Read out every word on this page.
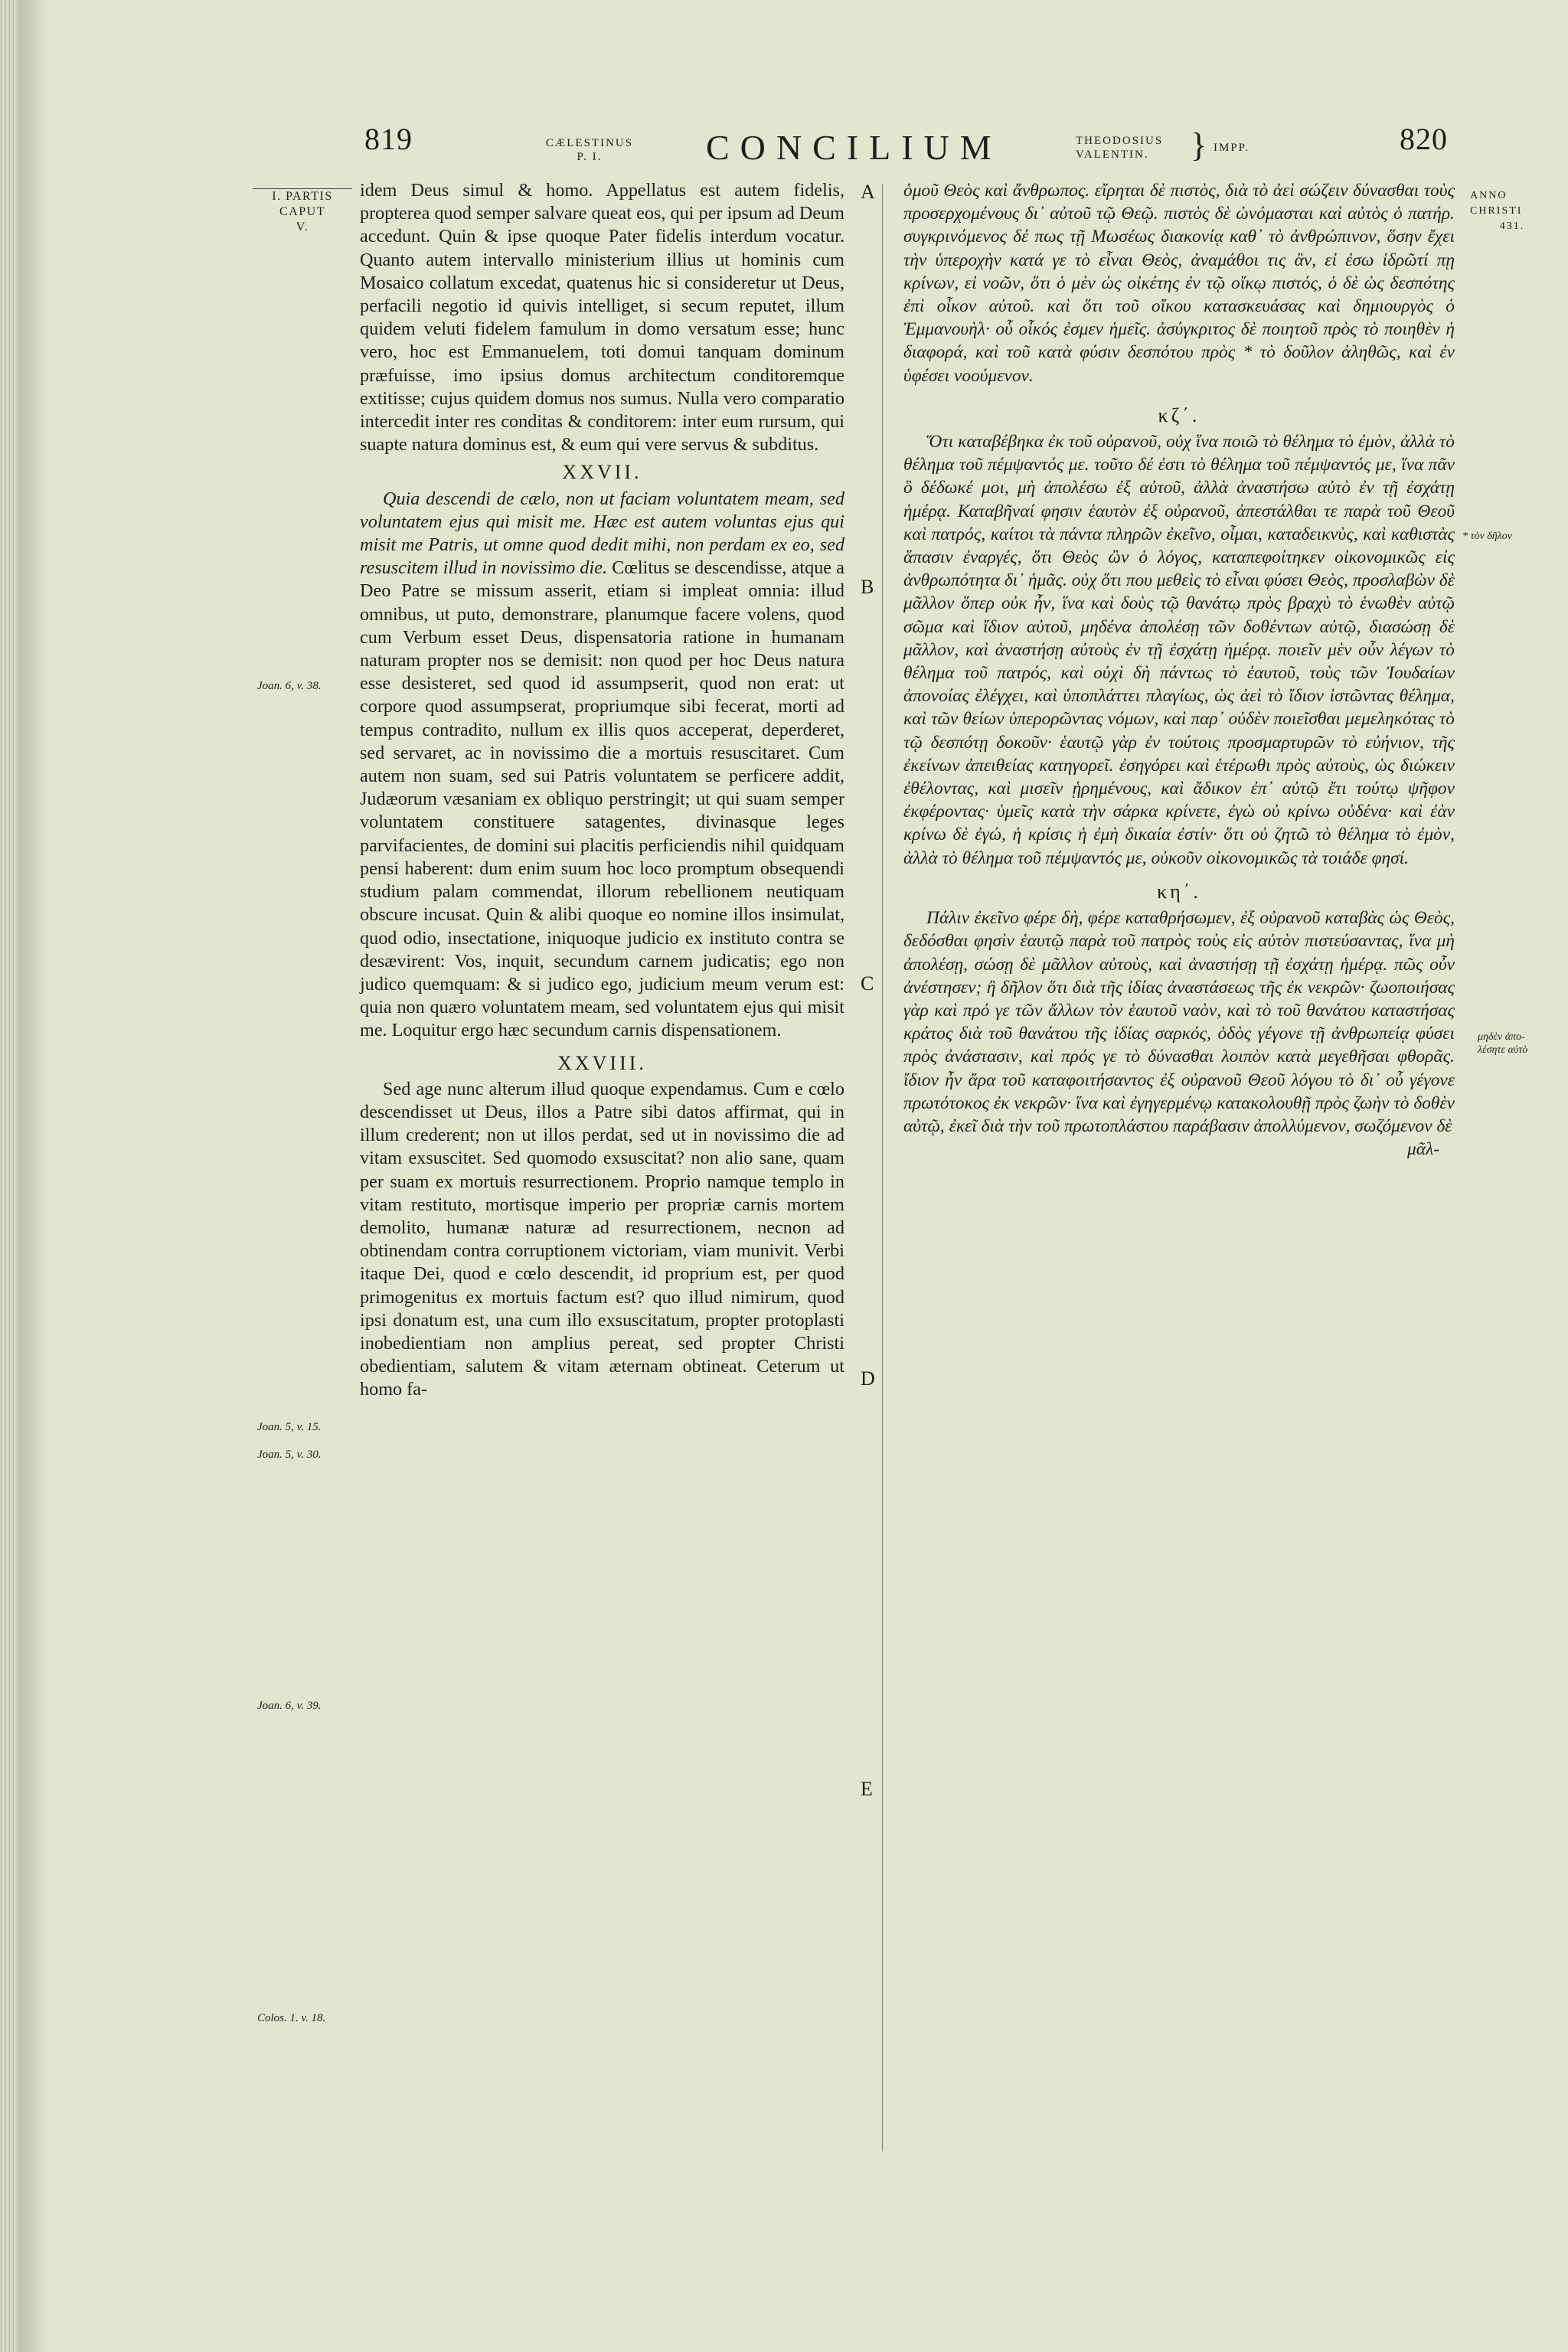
819	CÆLESTINUS
P. I.	CONCILIUM	THEODOSIUS
VALENTIN.	} IMPP.	820
I. PARTIS
CAPUT
V.
Joan. 6, v. 38.
Joan. 5, v. 15.
Joan. 5, v. 30.
Joan. 6, v. 39.
Colos. 1. v. 18.
A
B
C
D
E

idem Deus simul & homo. Appellatus est autem fidelis, propterea quod semper salvare queat eos, qui per ipsum ad Deum accedunt. Quin & ipse quoque Pater fidelis interdum vocatur. Quanto autem intervallo ministerium illius ut hominis cum Mosaico collatum excedat, quatenus hic si consideretur ut Deus, perfacili negotio id quivis intelliget, si secum reputet, illum quidem veluti fidelem famulum in domo versatum esse; hunc vero, hoc est Emmanuelem, toti domui tanquam dominum præfuisse, imo ipsius domus architectum conditoremque extitisse; cujus quidem domus nos sumus. Nulla vero comparatio intercedit inter res conditas & conditorem: inter eum rursum, qui suapte natura dominus est, & eum qui vere servus & subditus.

XXVII.

Quia descendi de cælo, non ut faciam voluntatem meam, sed voluntatem ejus qui misit me. Hæc est autem voluntas ejus qui misit me Patris, ut omne quod dedit mihi, non perdam ex eo, sed resuscitem illud in novissimo die. Cœlitus se descendisse, atque a Deo Patre se missum asserit, etiam si impleat omnia: illud omnibus, ut puto, demonstrare, planumque facere volens, quod cum Verbum esset Deus, dispensatoria ratione in humanam naturam propter nos se demisit: non quod per hoc Deus natura esse desisteret, sed quod id assumpserit, quod non erat: ut corpore quod assumpserat, propriumque sibi fecerat, morti ad tempus contradito, nullum ex illis quos acceperat, deperderet, sed servaret, ac in novissimo die a mortuis resuscitaret. Cum autem non suam, sed sui Patris voluntatem se perficere addit, Judæorum væsaniam ex obliquo perstringit; ut qui suam semper voluntatem constituere satagentes, divinasque leges parvifacientes, de domini sui placitis perficiendis nihil quidquam pensi haberent: dum enim suum hoc loco promptum obsequendi studium palam commendat, illorum rebellionem neutiquam obscure incusat. Quin & alibi quoque eo nomine illos insimulat, quod odio, insectatione, iniquoque judicio ex instituto contra se desævirent: Vos, inquit, secundum carnem judicatis; ego non judico quemquam: & si judico ego, judicium meum verum est: quia non quæro voluntatem meam, sed voluntatem ejus qui misit me. Loquitur ergo hæc secundum carnis dispensationem.

XXVIII.

Sed age nunc alterum illud quoque expendamus. Cum e cœlo descendisset ut Deus, illos a Patre sibi datos affirmat, qui in illum crederent; non ut illos perdat, sed ut in novissimo die ad vitam exsuscitet. Sed quomodo exsuscitat? non alio sane, quam per suam ex mortuis resurrectionem. Proprio namque templo in vitam restituto, mortisque imperio per propriæ carnis mortem demolito, humanæ naturæ ad resurrectionem, necnon ad obtinendam contra corruptionem victoriam, viam munivit. Verbi itaque Dei, quod e cœlo descendit, id proprium est, per quod primogenitus ex mortuis factum est? quo illud nimirum, quod ipsi donatum est, una cum illo exsuscitatum, propter protoplasti inobedientiam non amplius pereat, sed propter Christi obedientiam, salutem & vitam æternam obtineat. Ceterum ut homo fa-

ὁμοῦ Θεὸς καὶ ἄνθρωπος. εἴρηται δὲ πιστὸς, διὰ τὸ ἀεὶ σώζειν δύνασθαι τοὺς προσερχομένους δι᾽ αὐτοῦ τῷ Θεῷ. πιστὸς δὲ ὠνόμασται καὶ αὐτὸς ὁ πατήρ. συγκρινόμενος δέ πως τῇ Μωσέως διακονίᾳ καθ᾽ τὸ ἀνθρώπινον, ὅσην ἔχει τὴν ὑπεροχὴν κατά γε τὸ εἶναι Θεὸς, ἀναμάθοι τις ἂν, εἰ ἐσω ἱδρῶτί πῃ κρίνων, εἰ νοῶν, ὅτι ὁ μὲν ὡς οἰκέτης ἐν τῷ οἴκῳ πιστός, ὁ δὲ ὡς δεσπότης ἐπὶ οἶκον αὐτοῦ. καὶ ὅτι τοῦ οἴκου κατασκευάσας καὶ δημιουργὸς ὁ Ἐμμανουὴλ· οὗ οἶκός ἐσμεν ἡμεῖς. ἀσύγκριτος δὲ ποιητοῦ πρὸς τὸ ποιηθὲν ἡ διαφορά, καὶ τοῦ κατὰ φύσιν δεσπότου πρὸς * τὸ δοῦλον ἀληθῶς, καὶ ἐν ὑφέσει νοούμενον.

κζ΄.

Ὅτι καταβέβηκα ἐκ τοῦ οὐρανοῦ, οὐχ ἵνα ποιῶ τὸ θέλημα τὸ ἐμὸν, ἀλλὰ τὸ θέλημα τοῦ πέμψαντός με. τοῦτο δέ ἐστι τὸ θέλημα τοῦ πέμψαντός με, ἵνα πᾶν ὃ δέδωκέ μοι, μὴ ἀπολέσω ἐξ αὐτοῦ, ἀλλὰ ἀναστήσω αὐτὸ ἐν τῇ ἐσχάτῃ ἡμέρᾳ. Καταβῆναί φησιν ἑαυτὸν ἐξ οὐρανοῦ, ἀπεστάλθαι τε παρὰ τοῦ Θεοῦ καὶ πατρός, καίτοι τὰ πάντα πληρῶν ἐκεῖνο, οἶμαι, καταδεικνὺς, καὶ καθιστὰς ἅπασιν ἐναργές, ὅτι Θεὸς ὢν ὁ λόγος, καταπεφοίτηκεν οἰκονομικῶς εἰς ἀνθρωπότητα δι᾽ ἡμᾶς. οὐχ ὅτι που μεθεὶς τὸ εἶναι φύσει Θεὸς, προσλαβὼν δὲ μᾶλλον ὅπερ οὐκ ἦν, ἵνα καὶ δοὺς τῷ θανάτῳ πρὸς βραχὺ τὸ ἑνωθὲν αὐτῷ σῶμα καὶ ἴδιον αὐτοῦ, μηδένα ἀπολέσῃ τῶν δοθέντων αὐτῷ, διασώσῃ δὲ μᾶλλον, καὶ ἀναστήσῃ αὐτοὺς ἐν τῇ ἐσχάτῃ ἡμέρᾳ. ποιεῖν μὲν οὖν λέγων τὸ θέλημα τοῦ πατρός, καὶ οὐχὶ δὴ πάντως τὸ ἑαυτοῦ, τοὺς τῶν Ἰουδαίων ἀπονοίας ἐλέγχει, καὶ ὑποπλάττει πλαγίως, ὡς ἀεὶ τὸ ἴδιον ἱστῶντας θέλημα, καὶ τῶν θείων ὑπερορῶντας νόμων, καὶ παρ᾽ οὐδὲν ποιεῖσθαι μεμεληκότας τὸ τῷ δεσπότῃ δοκοῦν· ἑαυτῷ γὰρ ἐν τούτοις προσμαρτυρῶν τὸ εὐήνιον, τῆς ἐκείνων ἀπειθείας κατηγορεῖ. ἐσηγόρει καὶ ἑτέρωθι πρὸς αὐτοὺς, ὡς διώκειν ἐθέλοντας, καὶ μισεῖν ᾑρημένους, καὶ ἄδικον ἐπ᾽ αὐτῷ ἔτι τούτῳ ψῆφον ἐκφέροντας· ὑμεῖς κατὰ τὴν σάρκα κρίνετε, ἐγὼ οὐ κρίνω οὐδένα· καὶ ἐὰν κρίνω δὲ ἐγώ, ἡ κρίσις ἡ ἐμὴ δικαία ἐστίν· ὅτι οὐ ζητῶ τὸ θέλημα τὸ ἐμὸν, ἀλλὰ τὸ θέλημα τοῦ πέμψαντός με, οὐκοῦν οἰκονομικῶς τὰ τοιάδε φησί.

κη΄.

Πάλιν ἐκεῖνο φέρε δὴ, φέρε καταθρήσωμεν, ἐξ οὐρανοῦ καταβὰς ὡς Θεὸς, δεδόσθαι φησὶν ἑαυτῷ παρὰ τοῦ πατρὸς τοὺς εἰς αὐτὸν πιστεύσαντας, ἵνα μὴ ἀπολέσῃ, σώσῃ δὲ μᾶλλον αὐτοὺς, καὶ ἀναστήσῃ τῇ ἐσχάτῃ ἡμέρᾳ. πῶς οὖν ἀνέστησεν; ἢ δῆλον ὅτι διὰ τῆς ἰδίας ἀναστάσεως τῆς ἐκ νεκρῶν· ζωοποιήσας γὰρ καὶ πρό γε τῶν ἄλλων τὸν ἑαυτοῦ ναὸν, καὶ τὸ τοῦ θανάτου καταστήσας κράτος διὰ τοῦ θανάτου τῆς ἰδίας σαρκός, ὁδὸς γέγονε τῇ ἀνθρωπείᾳ φύσει πρὸς ἀνάστασιν, καὶ πρός γε τὸ δύνασθαι λοιπὸν κατὰ μεγεθῆσαι φθορᾶς. ἴδιον ἦν ἄρα τοῦ καταφοιτήσαντος ἐξ οὐρανοῦ Θεοῦ λόγου τὸ δι᾽ οὗ γέγονε πρωτότοκος ἐκ νεκρῶν· ἵνα καὶ ἐγηγερμένῳ κατακολουθῇ πρὸς ζωὴν τὸ δοθὲν αὐτῷ, ἐκεῖ διὰ τὴν τοῦ πρωτοπλάστου παράβασιν ἀπολλύμενον, σωζόμενον δὲ

μᾶλ-
ANNO
CHRISTI
431.
* τὸν δῆλον
μηδὲν ἀπο- λέσητε αὐτὸ
